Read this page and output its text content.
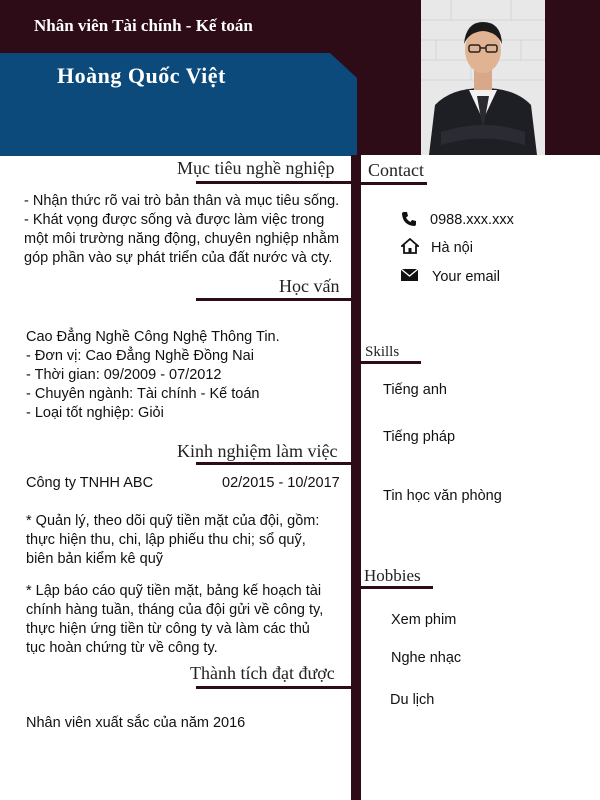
Nhân viên Tài chính - Kế toán
Hoàng Quốc Việt
Mục tiêu nghề nghiệp
- Nhận thức rõ vai trò bản thân và mục tiêu sống.
- Khát vọng được sống và được làm việc trong
một môi trường năng động, chuyên nghiệp nhằm
góp phần vào sự phát triển của đất nước và cty.
Học vấn
Cao Đẳng Nghề Công Nghệ Thông Tin.
- Đơn vị: Cao Đẳng Nghề Đồng Nai
- Thời gian: 09/2009 - 07/2012
- Chuyên ngành: Tài chính - Kế toán
- Loại tốt nghiệp: Giỏi
Kinh nghiệm làm việc
Công ty TNHH ABC	02/2015 - 10/2017
* Quản lý, theo dõi quỹ tiền mặt của đội, gồm:
thực hiện thu, chi, lập phiếu thu chi; sổ quỹ,
biên bản kiểm kê quỹ
* Lập báo cáo quỹ tiền mặt, bảng kế hoạch tài
chính hàng tuần, tháng của đội gửi về công ty,
thực hiện ứng tiền từ công ty và làm các thủ
tục hoàn chứng từ về công ty.
Thành tích đạt được
Nhân viên xuất sắc của năm 2016
Contact
0988.xxx.xxx
Hà nội
Your email
Skills
Tiếng anh
Tiếng pháp
Tin học văn phòng
Hobbies
Xem phim
Nghe nhạc
Du lịch
